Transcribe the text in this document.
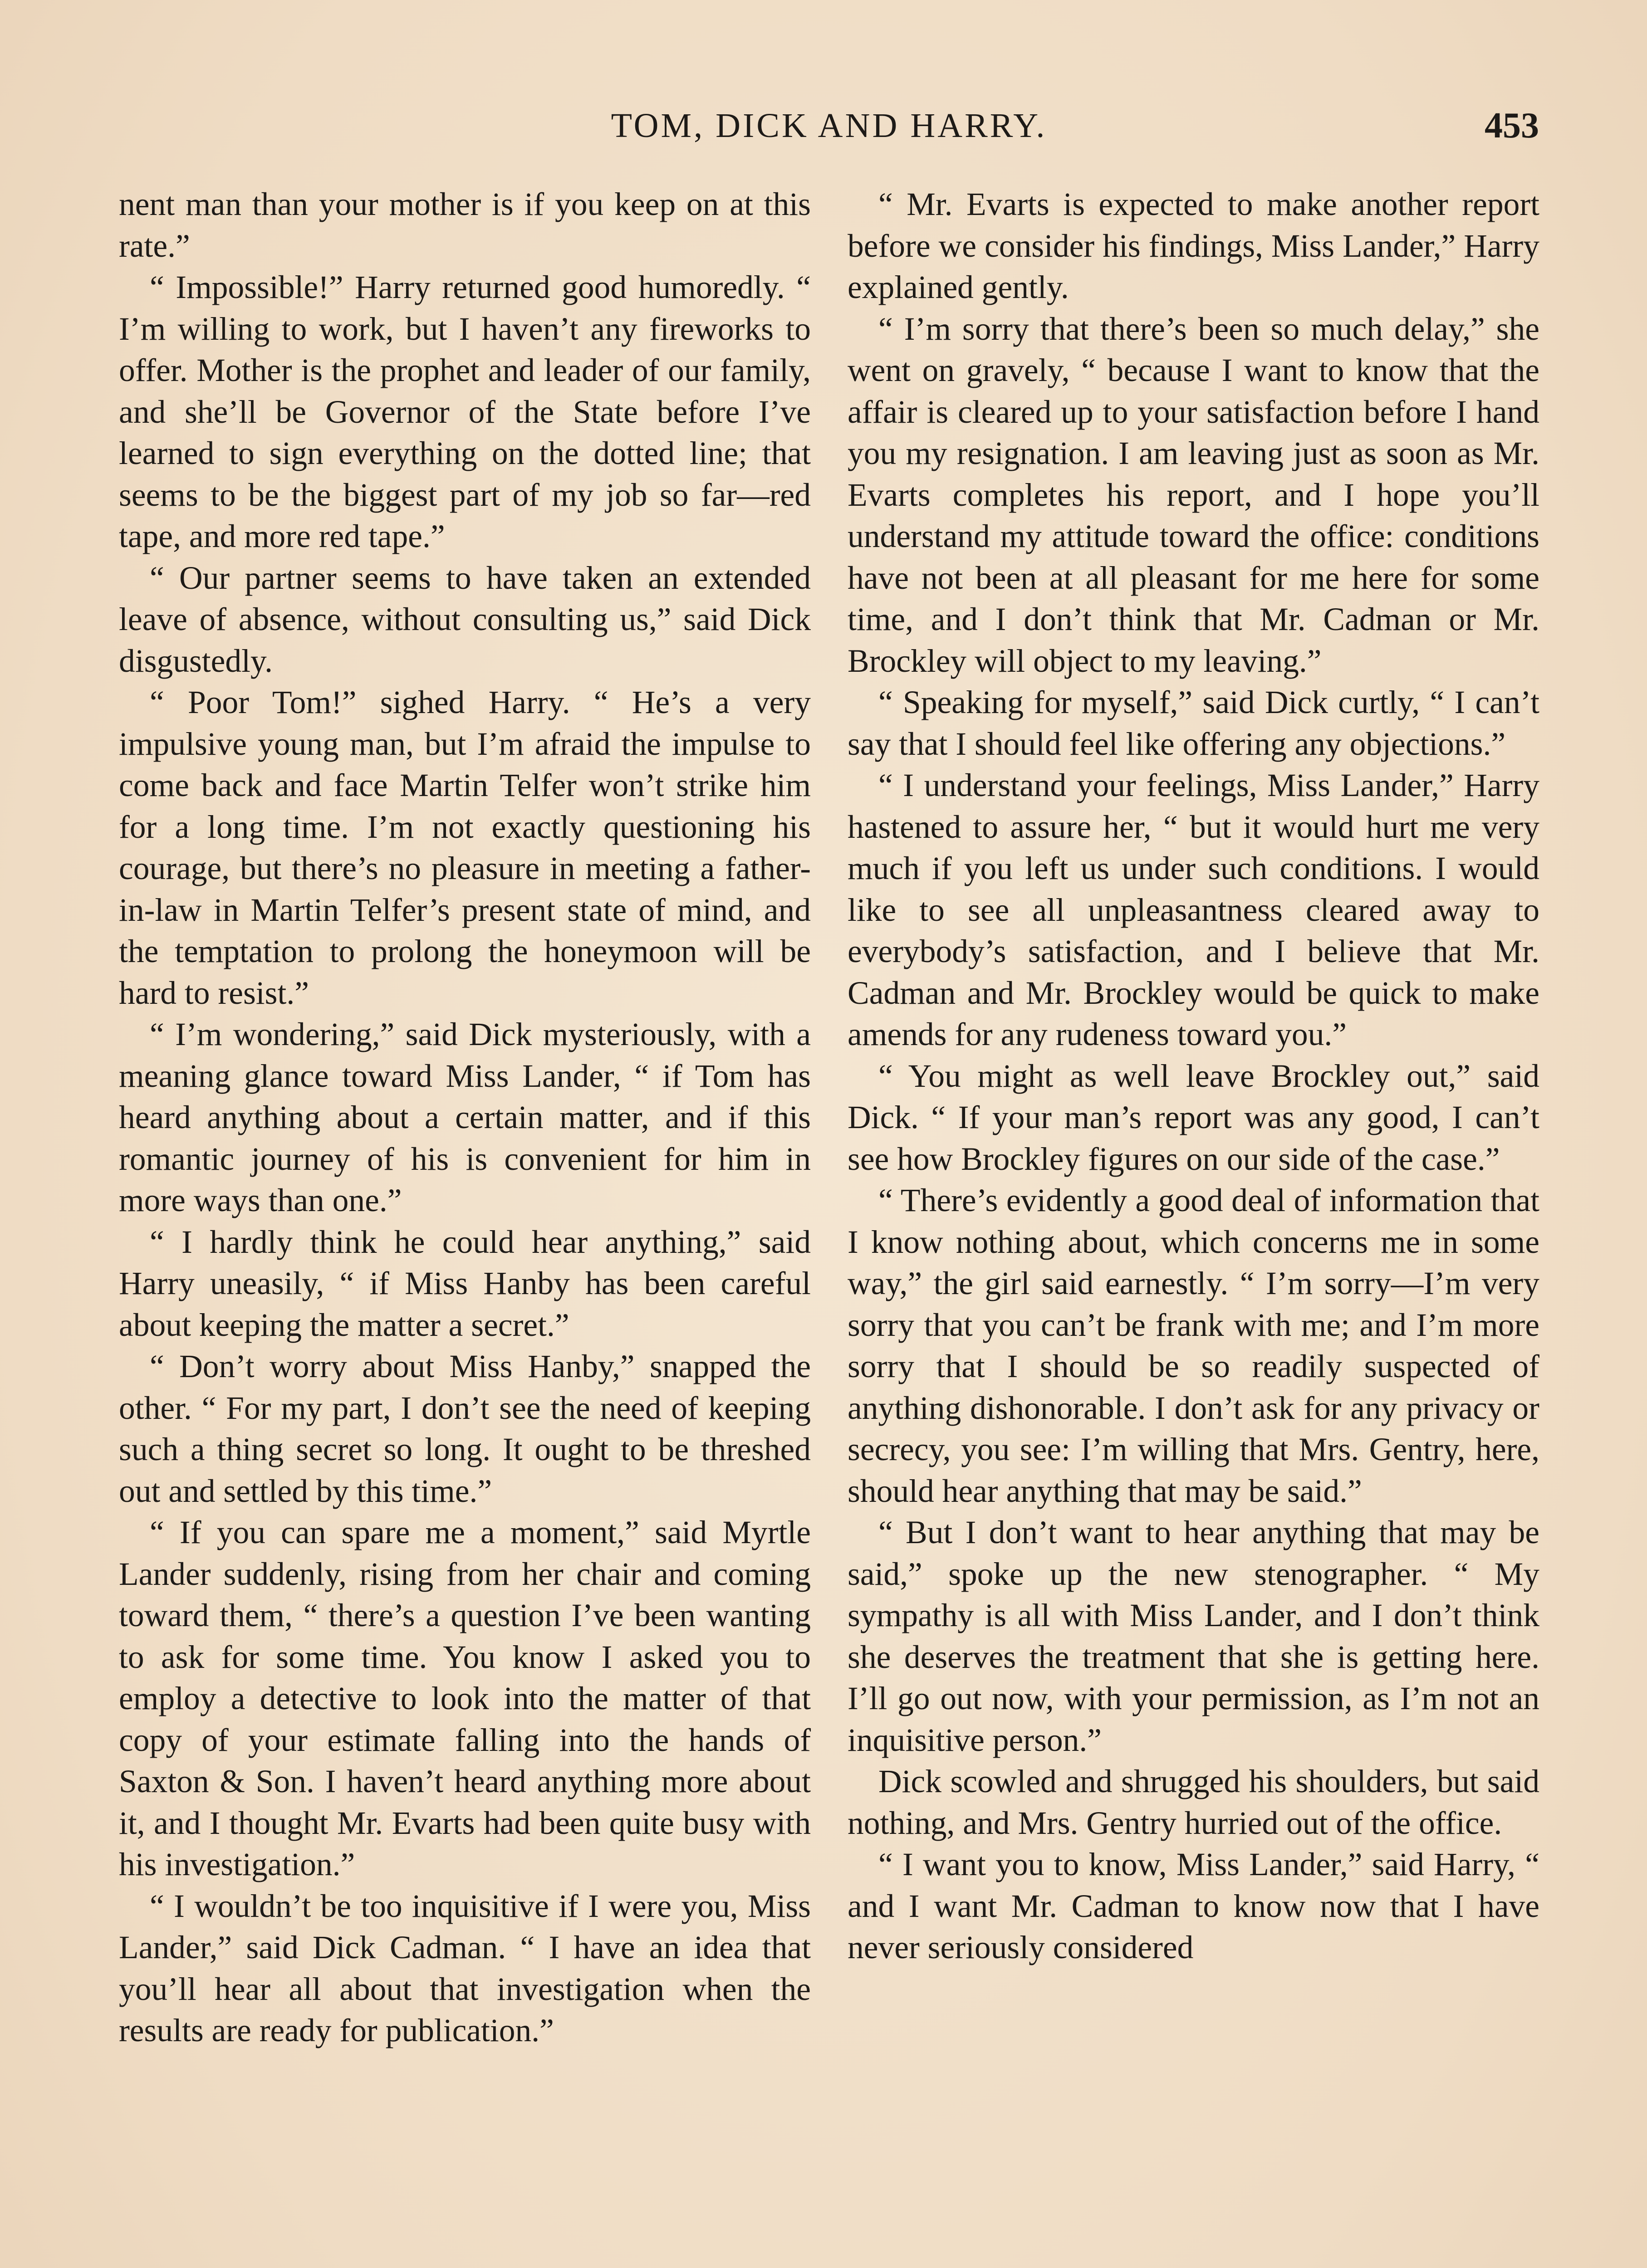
TOM, DICK AND HARRY.	453

nent man than your mother is if you keep on at this rate.”

“ Impossible!” Harry returned good humoredly. “ I’m willing to work, but I haven’t any fireworks to offer. Mother is the prophet and leader of our family, and she’ll be Governor of the State before I’ve learned to sign everything on the dotted line; that seems to be the biggest part of my job so far—red tape, and more red tape.”

“ Our partner seems to have taken an extended leave of absence, without consulting us,” said Dick disgustedly.

“ Poor Tom!” sighed Harry. “ He’s a very impulsive young man, but I’m afraid the impulse to come back and face Martin Telfer won’t strike him for a long time. I’m not exactly questioning his courage, but there’s no pleasure in meeting a father-in-law in Martin Telfer’s present state of mind, and the temptation to prolong the honeymoon will be hard to resist.”

“ I’m wondering,” said Dick mysteriously, with a meaning glance toward Miss Lander, “ if Tom has heard anything about a certain matter, and if this romantic journey of his is convenient for him in more ways than one.”

“ I hardly think he could hear anything,” said Harry uneasily, “ if Miss Hanby has been careful about keeping the matter a secret.”

“ Don’t worry about Miss Hanby,” snapped the other. “ For my part, I don’t see the need of keeping such a thing secret so long. It ought to be threshed out and settled by this time.”

“ If you can spare me a moment,” said Myrtle Lander suddenly, rising from her chair and coming toward them, “ there’s a question I’ve been wanting to ask for some time. You know I asked you to employ a detective to look into the matter of that copy of your estimate falling into the hands of Saxton & Son. I haven’t heard anything more about it, and I thought Mr. Evarts had been quite busy with his investigation.”

“ I wouldn’t be too inquisitive if I were you, Miss Lander,” said Dick Cadman. “ I have an idea that you’ll hear all about that investigation when the results are ready for publication.”

“ Mr. Evarts is expected to make another report before we consider his findings, Miss Lander,” Harry explained gently.

“ I’m sorry that there’s been so much delay,” she went on gravely, “ because I want to know that the affair is cleared up to your satisfaction before I hand you my resignation. I am leaving just as soon as Mr. Evarts completes his report, and I hope you’ll understand my attitude toward the office: conditions have not been at all pleasant for me here for some time, and I don’t think that Mr. Cadman or Mr. Brockley will object to my leaving.”

“ Speaking for myself,” said Dick curtly, “ I can’t say that I should feel like offering any objections.”

“ I understand your feelings, Miss Lander,” Harry hastened to assure her, “ but it would hurt me very much if you left us under such conditions. I would like to see all unpleasantness cleared away to everybody’s satisfaction, and I believe that Mr. Cadman and Mr. Brockley would be quick to make amends for any rudeness toward you.”

“ You might as well leave Brockley out,” said Dick. “ If your man’s report was any good, I can’t see how Brockley figures on our side of the case.”

“ There’s evidently a good deal of information that I know nothing about, which concerns me in some way,” the girl said earnestly. “ I’m sorry—I’m very sorry that you can’t be frank with me; and I’m more sorry that I should be so readily suspected of anything dishonorable. I don’t ask for any privacy or secrecy, you see: I’m willing that Mrs. Gentry, here, should hear anything that may be said.”

“ But I don’t want to hear anything that may be said,” spoke up the new stenographer. “ My sympathy is all with Miss Lander, and I don’t think she deserves the treatment that she is getting here. I’ll go out now, with your permission, as I’m not an inquisitive person.”

Dick scowled and shrugged his shoulders, but said nothing, and Mrs. Gentry hurried out of the office.

“ I want you to know, Miss Lander,” said Harry, “ and I want Mr. Cadman to know now that I have never seriously considered
